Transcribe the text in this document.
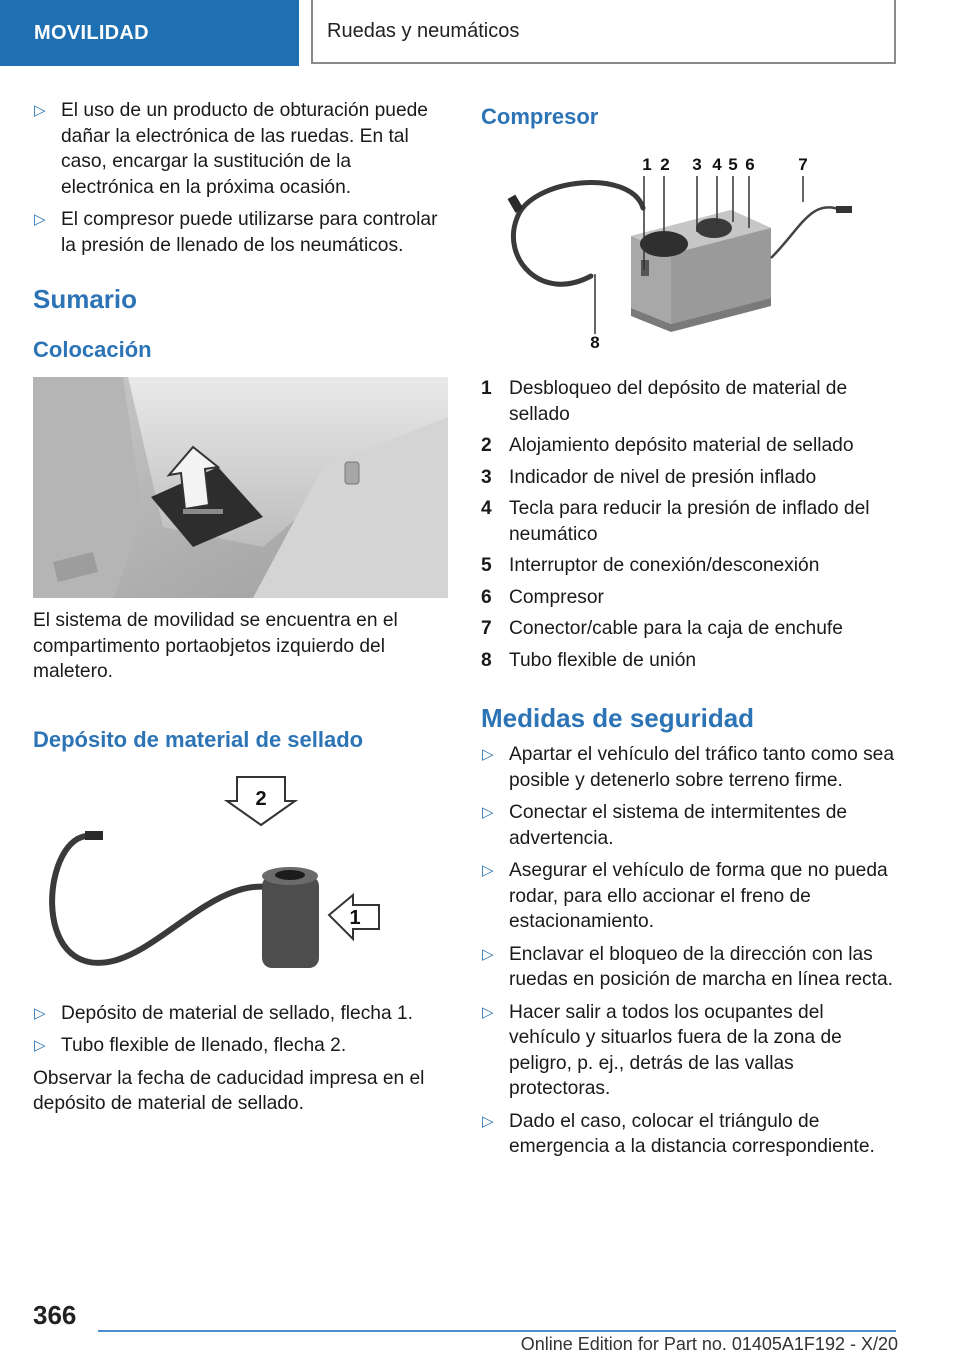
MOVILIDAD	Ruedas y neumáticos
▷ El uso de un producto de obturación puede dañar la electrónica de las ruedas. En tal caso, encargar la sustitución de la electrónica en la próxima ocasión.
▷ El compresor puede utilizarse para controlar la presión de llenado de los neumáticos.
Sumario
Colocación

El sistema de movilidad se encuentra en el compartimento portaobjetos izquierdo del maletero.

Depósito de material de sellado
2
1
▷ Depósito de material de sellado, flecha 1.
▷ Tubo flexible de llenado, flecha 2.

Observar la fecha de caducidad impresa en el depósito de material de sellado.

Compresor
1 2 3 4 5 6	7
8
1 Desbloqueo del depósito de material de sellado
2 Alojamiento depósito material de sellado
3 Indicador de nivel de presión inflado
4 Tecla para reducir la presión de inflado del neumático
5 Interruptor de conexión/desconexión
6 Compresor
7 Conector/cable para la caja de enchufe
8 Tubo flexible de unión
Medidas de seguridad
▷ Apartar el vehículo del tráfico tanto como sea posible y detenerlo sobre terreno firme.
▷ Conectar el sistema de intermitentes de advertencia.
▷ Asegurar el vehículo de forma que no pueda rodar, para ello accionar el freno de estacionamiento.
▷ Enclavar el bloqueo de la dirección con las ruedas en posición de marcha en línea recta.
▷ Hacer salir a todos los ocupantes del vehículo y situarlos fuera de la zona de peligro, p. ej., detrás de las vallas protectoras.
▷ Dado el caso, colocar el triángulo de emergencia a la distancia correspondiente.
366
Online Edition for Part no. 01405A1F192 - X/20
